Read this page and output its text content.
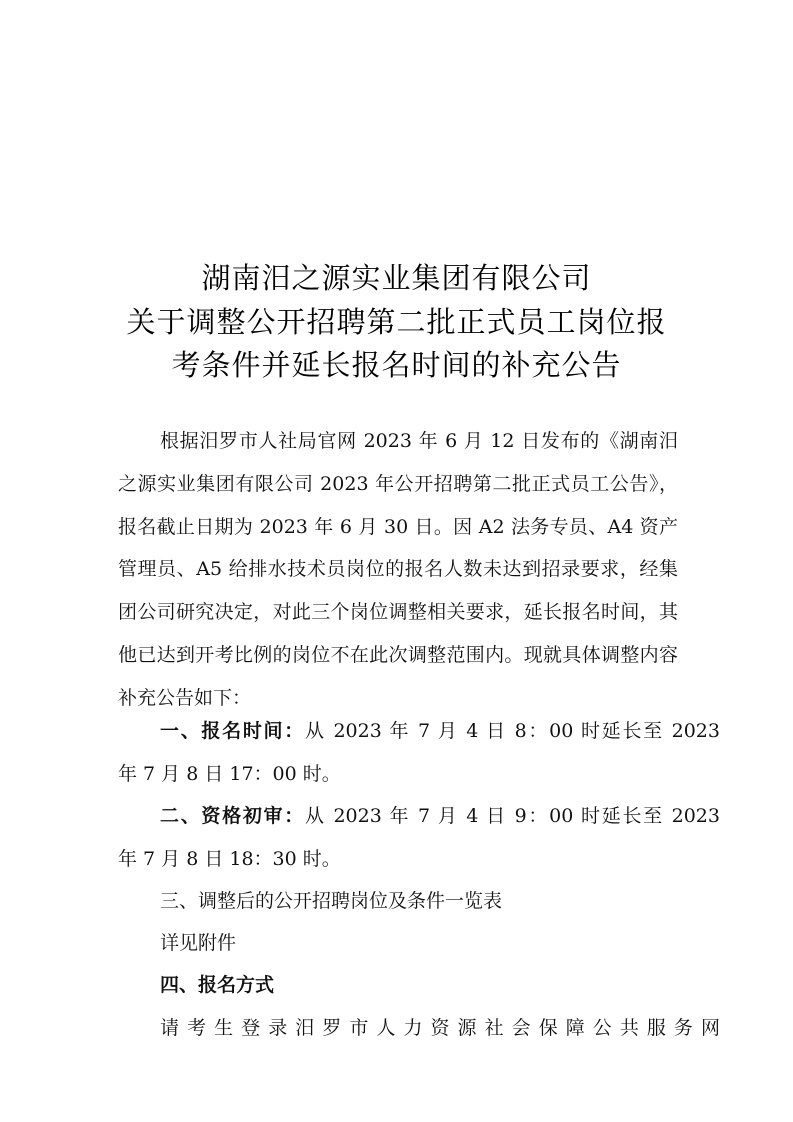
湖南汨之源实业集团有限公司
关于调整公开招聘第二批正式员工岗位报
考条件并延长报名时间的补充公告
根据汨罗市人社局官网 2023 年 6 月 12 日发布的《湖南汨之源实业集团有限公司 2023 年公开招聘第二批正式员工公告》，报名截止日期为 2023 年 6 月 30 日。因 A2 法务专员、A4 资产管理员、A5 给排水技术员岗位的报名人数未达到招录要求，经集团公司研究决定，对此三个岗位调整相关要求，延长报名时间，其他已达到开考比例的岗位不在此次调整范围内。现就具体调整内容补充公告如下：
一、报名时间：从 2023 年 7 月 4 日 8：00 时延长至 2023
年 7 月 8 日 17：00 时。
二、资格初审：从 2023 年 7 月 4 日 9：00 时延长至 2023
年 7 月 8 日 18：30 时。
三、调整后的公开招聘岗位及条件一览表
详见附件
四、报名方式
请考生登录汨罗市人力资源社会保障公共服务网
